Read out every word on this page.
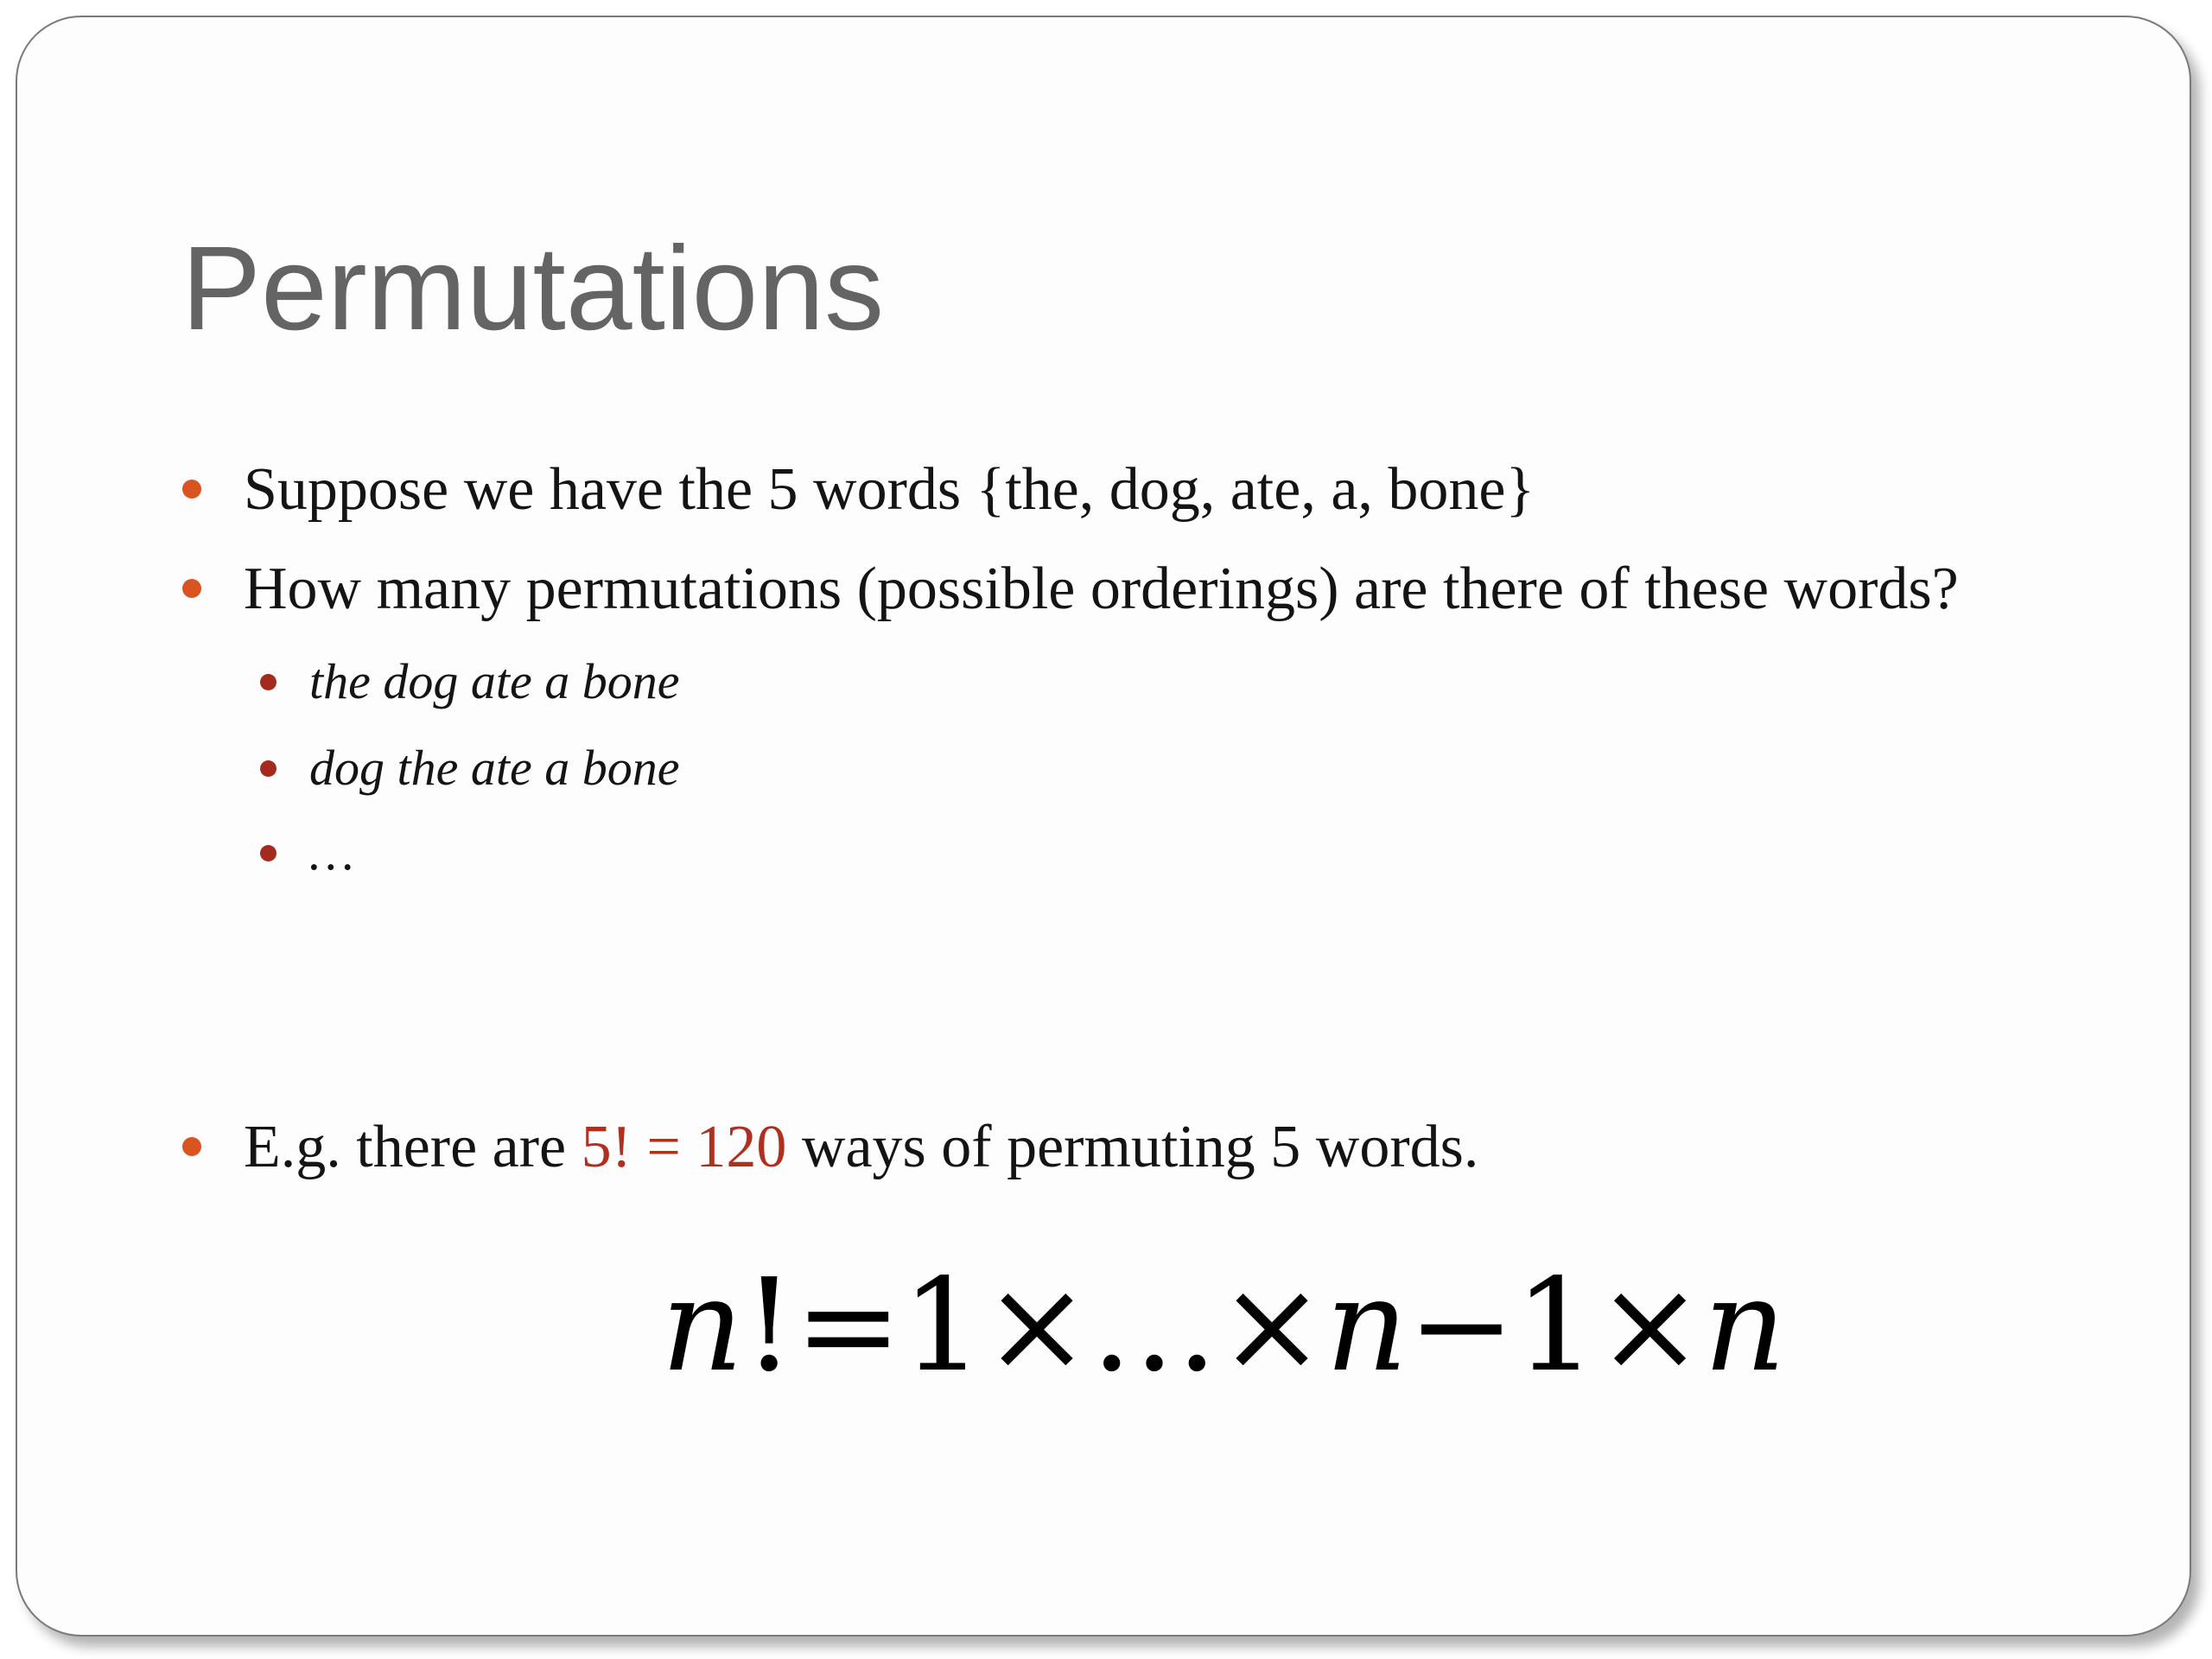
Permutations
Suppose we have the 5 words {the, dog, ate, a, bone}
How many permutations (possible orderings) are there of these words?
the dog ate a bone
dog the ate a bone
…
E.g. there are 5! = 120 ways of permuting 5 words.
n!=1×…×n−1×n
